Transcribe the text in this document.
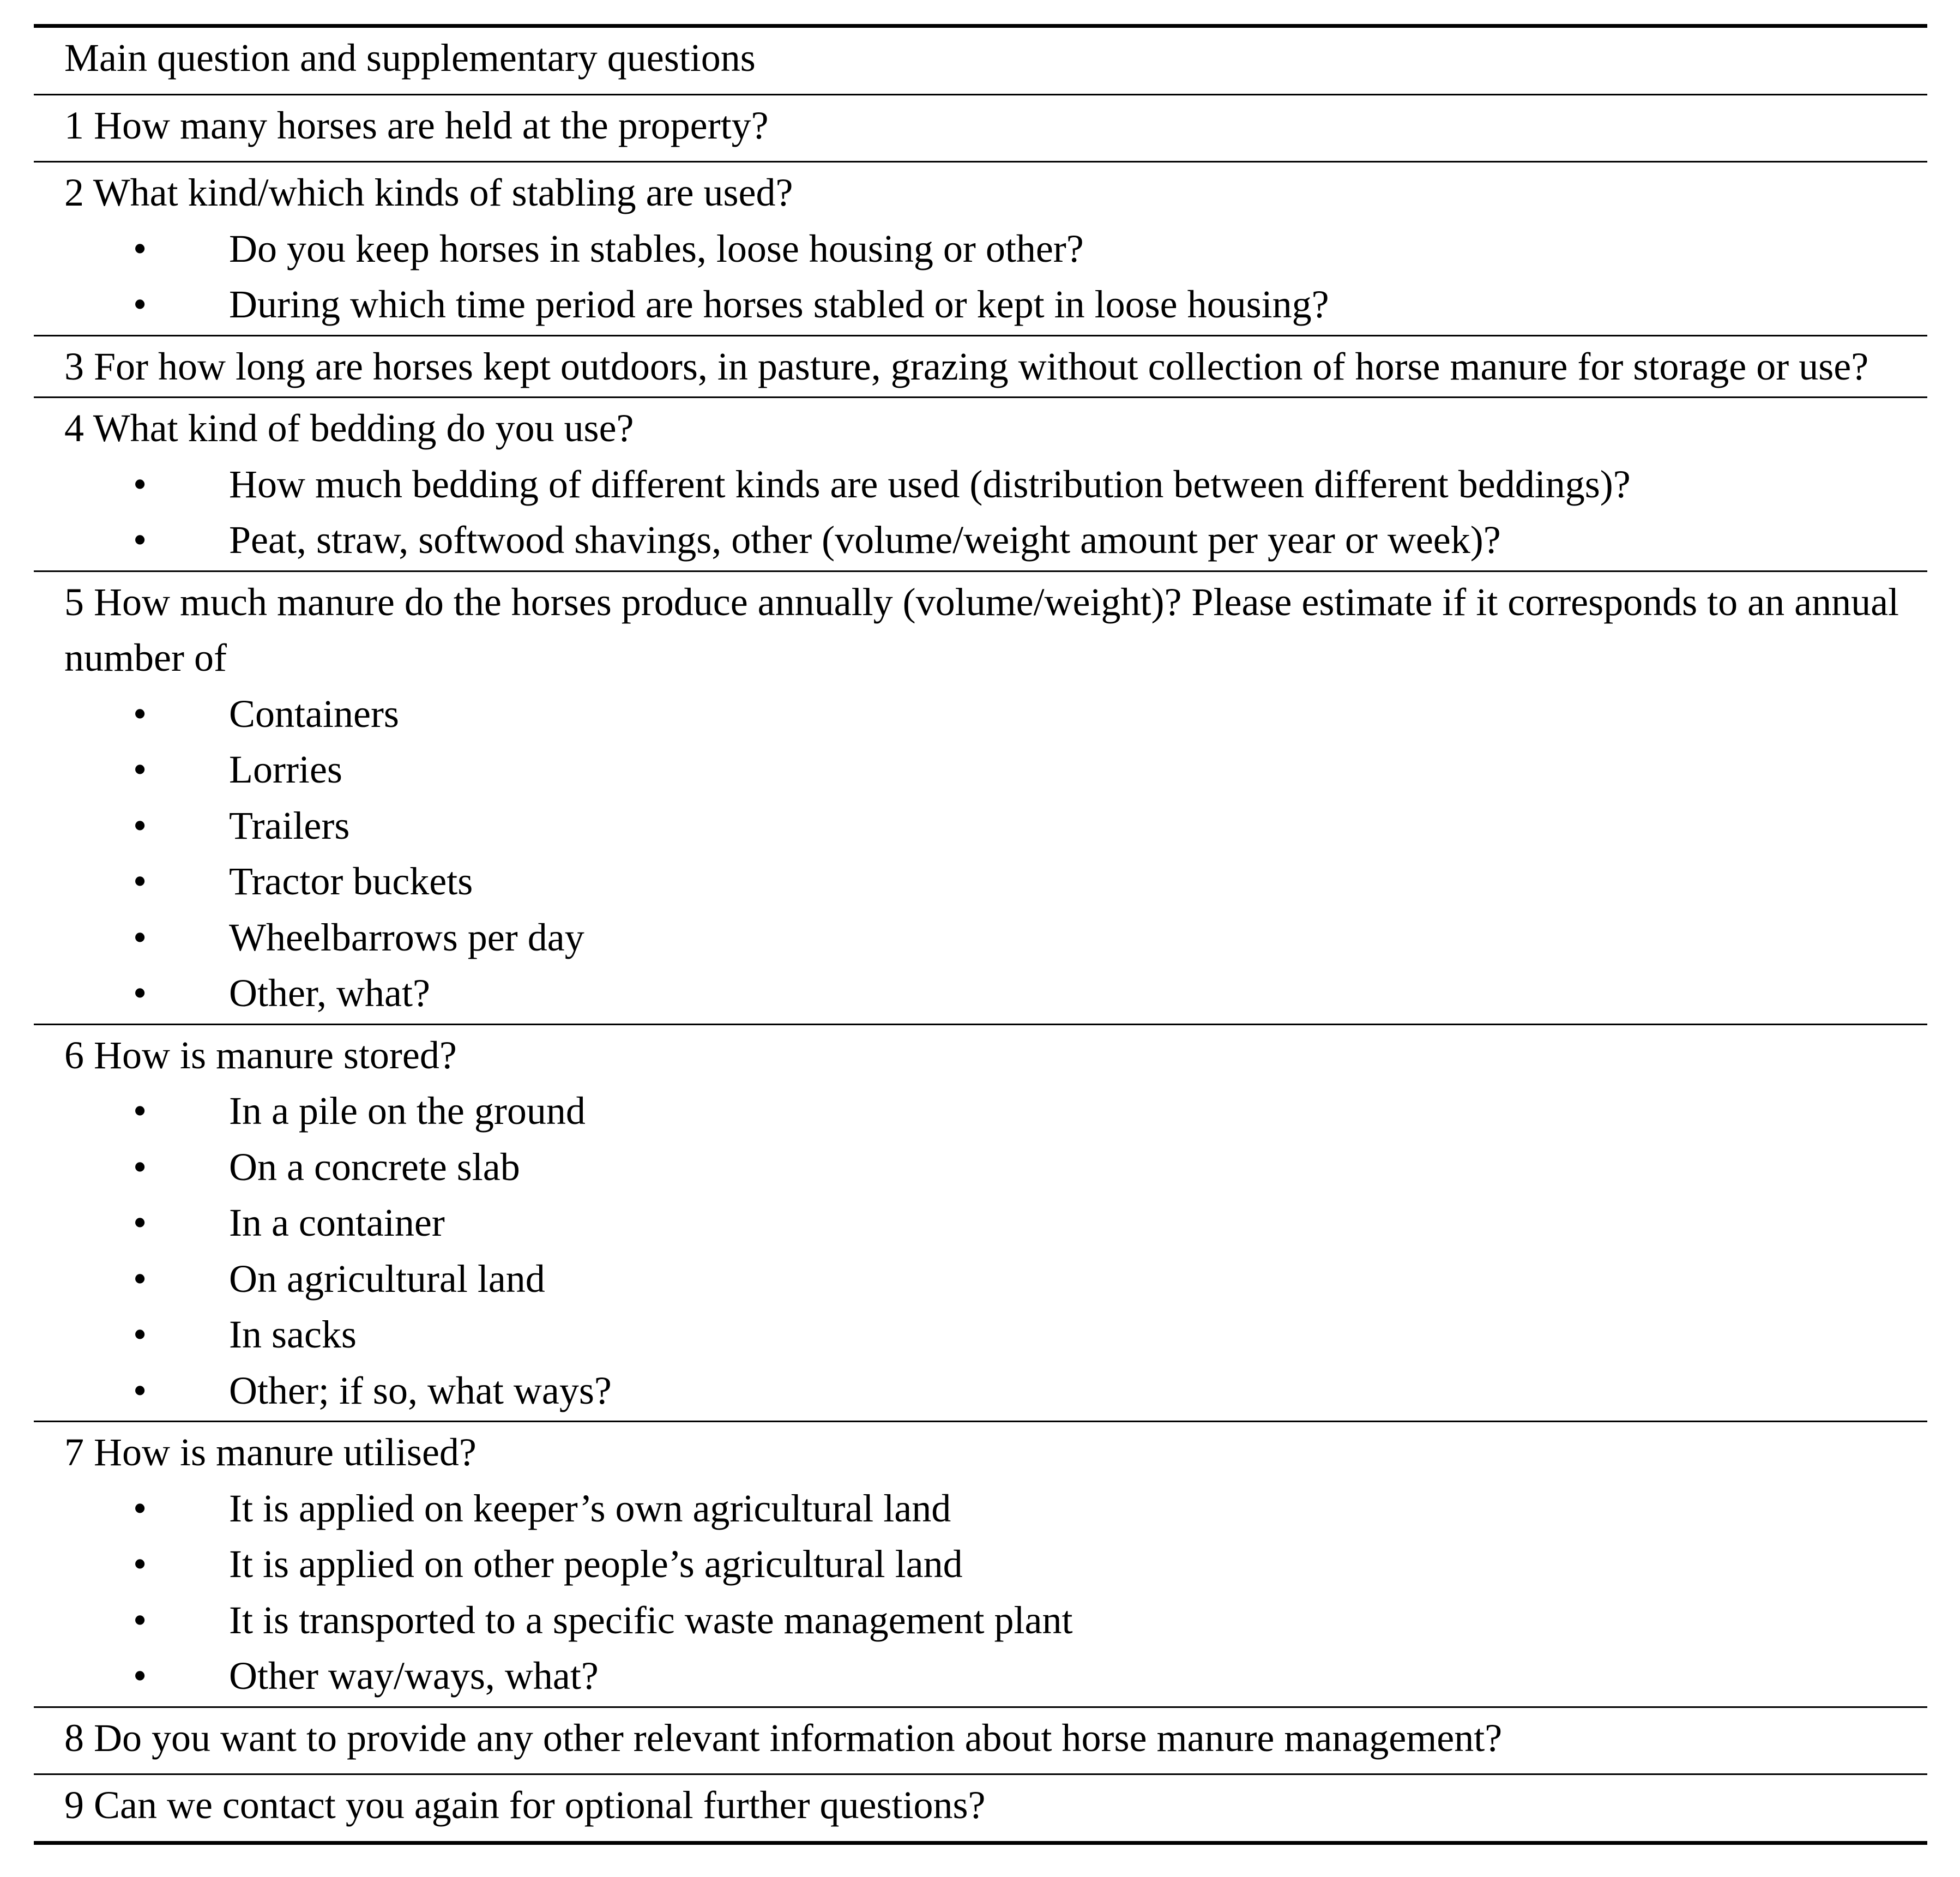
Main question and supplementary questions
1 How many horses are held at the property?
2 What kind/which kinds of stabling are used?
•	Do you keep horses in stables, loose housing or other?
•	During which time period are horses stabled or kept in loose housing?
3 For how long are horses kept outdoors, in pasture, grazing without collection of horse manure for storage or use?
4 What kind of bedding do you use?
•	How much bedding of different kinds are used (distribution between different beddings)?
•	Peat, straw, softwood shavings, other (volume/weight amount per year or week)?
5 How much manure do the horses produce annually (volume/weight)? Please estimate if it corresponds to an annual number of
•	Containers
•	Lorries
•	Trailers
•	Tractor buckets
•	Wheelbarrows per day
•	Other, what?
6 How is manure stored?
•	In a pile on the ground
•	On a concrete slab
•	In a container
•	On agricultural land
•	In sacks
•	Other; if so, what ways?
7 How is manure utilised?
•	It is applied on keeper’s own agricultural land
•	It is applied on other people’s agricultural land
•	It is transported to a specific waste management plant
•	Other way/ways, what?
8 Do you want to provide any other relevant information about horse manure management?
9 Can we contact you again for optional further questions?
